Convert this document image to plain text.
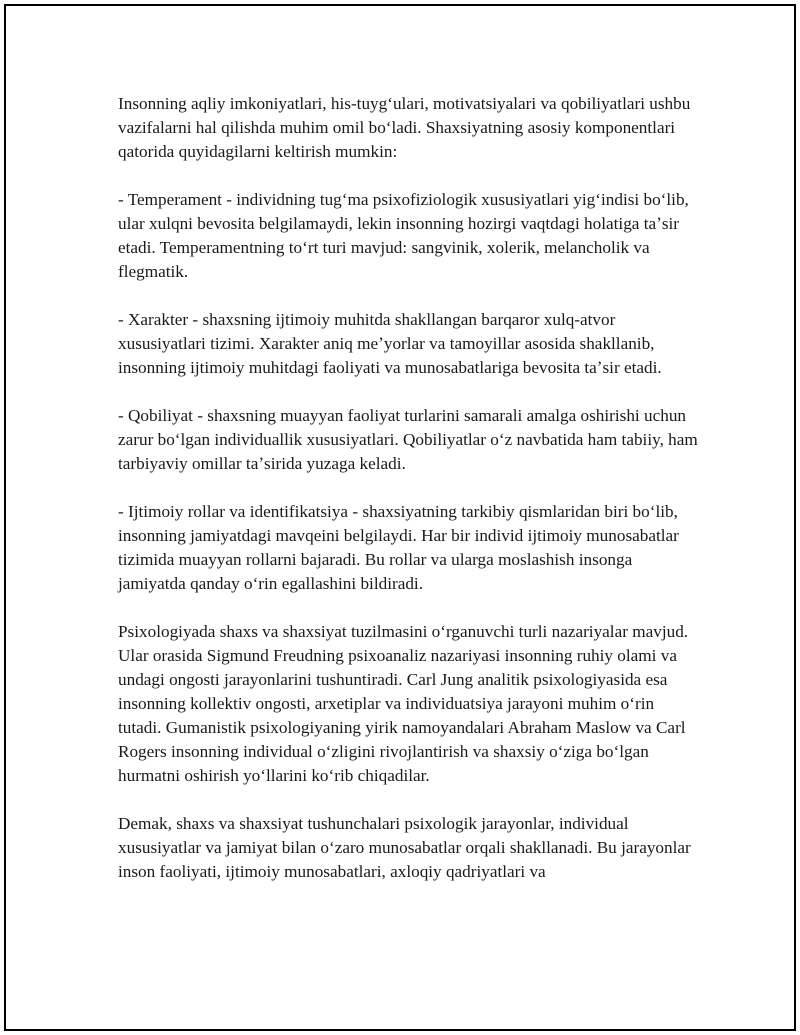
Insonning aqliy imkoniyatlari, his-tuygʻulari, motivatsiyalari va qobiliyatlari ushbu vazifalarni hal qilishda muhim omil boʻladi. Shaxsiyatning asosiy komponentlari qatorida quyidagilarni keltirish mumkin:

- Temperament - individning tugʻma psixofiziologik xususiyatlari yigʻindisi boʻlib, ular xulqni bevosita belgilamaydi, lekin insonning hozirgi vaqtdagi holatiga taʼsir etadi. Temperamentning toʻrt turi mavjud: sangvinik, xolerik, melancholik va flegmatik.

- Xarakter - shaxsning ijtimoiy muhitda shakllangan barqaror xulq-atvor xususiyatlari tizimi. Xarakter aniq meʼyorlar va tamoyillar asosida shakllanib, insonning ijtimoiy muhitdagi faoliyati va munosabatlariga bevosita taʼsir etadi.

- Qobiliyat - shaxsning muayyan faoliyat turlarini samarali amalga oshirishi uchun zarur boʻlgan individuallik xususiyatlari. Qobiliyatlar oʻz navbatida ham tabiiy, ham tarbiyaviy omillar taʼsirida yuzaga keladi.

- Ijtimoiy rollar va identifikatsiya - shaxsiyatning tarkibiy qismlaridan biri boʻlib, insonning jamiyatdagi mavqeini belgilaydi. Har bir individ ijtimoiy munosabatlar tizimida muayyan rollarni bajaradi. Bu rollar va ularga moslashish insonga jamiyatda qanday oʻrin egallashini bildiradi.

Psixologiyada shaxs va shaxsiyat tuzilmasini oʻrganuvchi turli nazariyalar mavjud. Ular orasida Sigmund Freudning psixoanaliz nazariyasi insonning ruhiy olami va undagi ongosti jarayonlarini tushuntiradi. Carl Jung analitik psixologiyasida esa insonning kollektiv ongosti, arxetiplar va individuatsiya jarayoni muhim oʻrin tutadi. Gumanistik psixologiyaning yirik namoyandalari Abraham Maslow va Carl Rogers insonning individual oʻzligini rivojlantirish va shaxsiy oʻziga boʻlgan hurmatni oshirish yoʻllarini koʻrib chiqadilar.

Demak, shaxs va shaxsiyat tushunchalari psixologik jarayonlar, individual xususiyatlar va jamiyat bilan oʻzaro munosabatlar orqali shakllanadi. Bu jarayonlar inson faoliyati, ijtimoiy munosabatlari, axloqiy qadriyatlari va
